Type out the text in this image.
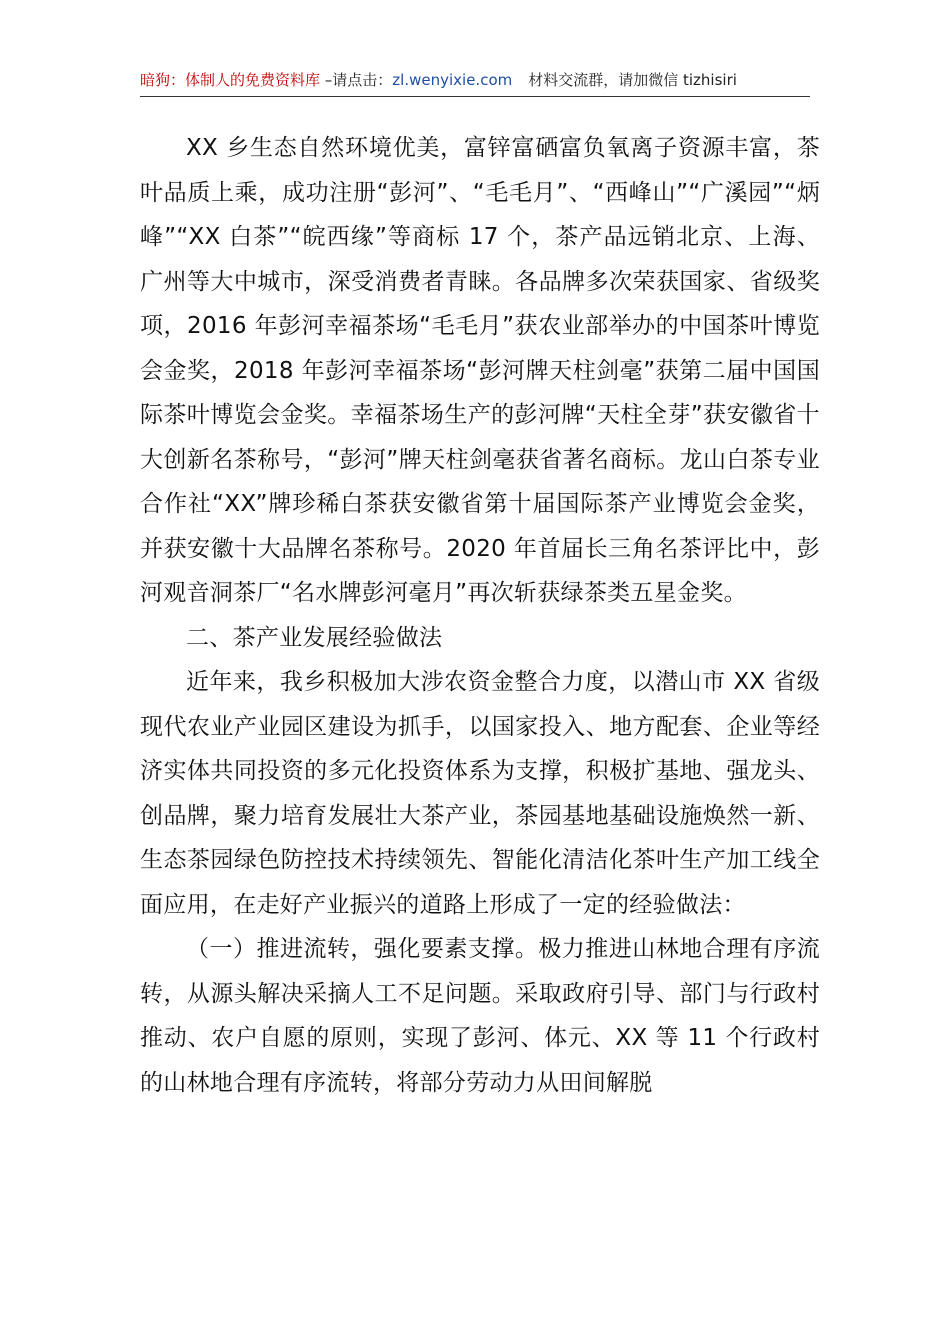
暗狗：体制人的免费资料库 –请点击：zl.wenyixie.com 材料交流群，请加微信 tizhisiri

XX 乡生态自然环境优美，富锌富硒富负氧离子资源丰富，茶叶品质上乘，成功注册“彭河”、“毛毛月”、“西峰山”“广溪园”“炳峰”“XX 白茶”“皖西缘”等商标 17 个，茶产品远销北京、上海、广州等大中城市，深受消费者青睐。各品牌多次荣获国家、省级奖项，2016 年彭河幸福茶场“毛毛月”获农业部举办的中国茶叶博览会金奖，2018 年彭河幸福茶场“彭河牌天柱剑毫”获第二届中国国际茶叶博览会金奖。幸福茶场生产的彭河牌“天柱全芽”获安徽省十大创新名茶称号，“彭河”牌天柱剑毫获省著名商标。龙山白茶专业合作社“XX”牌珍稀白茶获安徽省第十届国际茶产业博览会金奖，并获安徽十大品牌名茶称号。2020 年首届长三角名茶评比中，彭河观音洞茶厂“名水牌彭河毫月”再次斩获绿茶类五星金奖。

二、茶产业发展经验做法

近年来，我乡积极加大涉农资金整合力度，以潜山市 XX 省级现代农业产业园区建设为抓手，以国家投入、地方配套、企业等经济实体共同投资的多元化投资体系为支撑，积极扩基地、强龙头、创品牌，聚力培育发展壮大茶产业，茶园基地基础设施焕然一新、生态茶园绿色防控技术持续领先、智能化清洁化茶叶生产加工线全面应用，在走好产业振兴的道路上形成了一定的经验做法：

（一）推进流转，强化要素支撑。极力推进山林地合理有序流转，从源头解决采摘人工不足问题。采取政府引导、部门与行政村推动、农户自愿的原则，实现了彭河、体元、XX 等 11 个行政村的山林地合理有序流转，将部分劳动力从田间解脱
